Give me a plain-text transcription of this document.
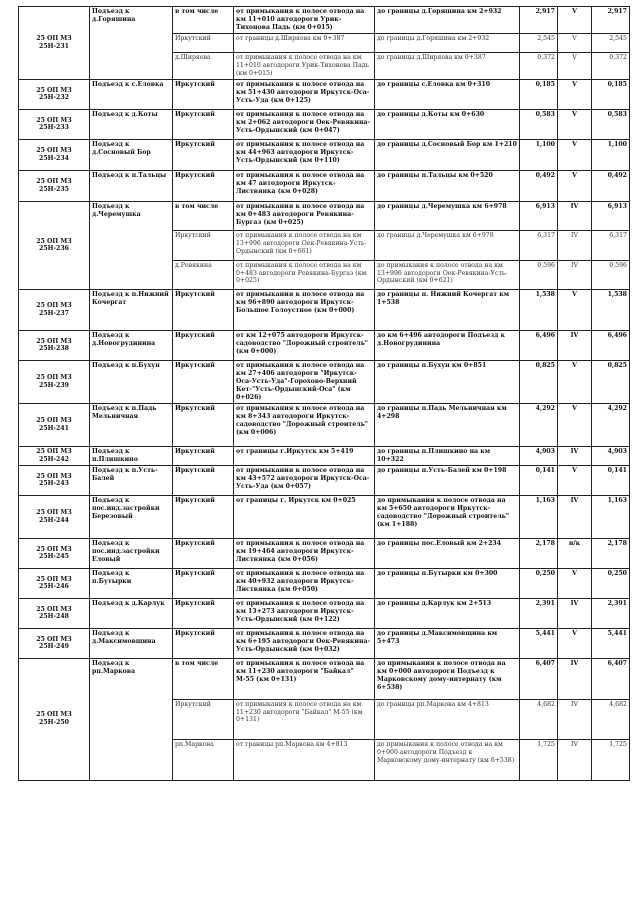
25 ОП МЗ 25Н-231	Подъезд к д.Горяшина	в том числе	от примыкания к полосе отвода на км 11+010 автодороги Урик-Тихонова Падь (км 0+015)	до границы д.Горяшина км 2+932	2,917	V	2,917
		Иркутский	от границы д.Ширяева км 0+387	до границы д.Горяшина км 2+932	2,545	V	2,545
		д.Ширяева	от примыкания к полосе отвода на км 11+010 автодороги Урик-Тихонова Падь (км 0+015)	до границы д.Ширяева км 0+387	0,372	V	0,372
25 ОП МЗ 25Н-232	Подъезд к с.Еловка	Иркутский	от примыкания к полосе отвода на км 51+430 автодороги Иркутск-Оса-Усть-Уда (км 0+125)	до границы с.Еловка км 0+310	0,185	V	0,185
25 ОП МЗ 25Н-233	Подъезд к д.Коты	Иркутский	от примыкания к полосе отвода на км 2+062 автодороги Оек-Ревякина-Усть-Ордынский (км 0+047)	до границы д.Коты км 0+630	0,583	V	0,583
25 ОП МЗ 25Н-234	Подъезд к д.Сосновый Бор	Иркутский	от примыкания к полосе отвода на км 44+963 автодороги Иркутск-Усть-Ордынский (км 0+110)	до границы д.Сосновый Бор км 1+210	1,100	V	1,100
25 ОП МЗ 25Н-235	Подъезд к п.Тальцы	Иркутский	от примыкания к полосе отвода на км 47 автодороги Иркутск-Листвянка (км 0+028)	до границы п.Тальцы км 0+520	0,492	V	0,492
25 ОП МЗ 25Н-236	Подъезд к д.Черемушка	в том числе	от примыкания к полосе отвода на км 0+483 автодороги Ревякина-Бургаз (км 0+025)	до границы д.Черемушка км 6+978	6,913	IV	6,913
		Иркутский	от примыкания к полосе отвода на км 13+996 автодороги Оек-Ревякина-Усть-Ордынский (км 0+661)	до границы д.Черемушка км 6+978	6,317	IV	6,317
		д.Ревякина	от примыкания к полосе отвода на км 0+483 автодороги Ревякина-Бургаз (км 0+025)	до примыкания к полосе отвода на км 13+996 автодороги Оек-Ревякина-Усть-Ордынский (км 0+621)	0,596	IV	0,596
25 ОП МЗ 25Н-237	Подъезд к п.Нижний Кочергат	Иркутский	от примыкания к полосе отвода на км 96+890 автодороги Иркутск-Большое Голоустное (км 0+000)	до границы п. Нижний Кочергат км 1+538	1,538	V	1,538
25 ОП МЗ 25Н-238	Подъезд к д.Новогрудинина	Иркутский	от км 12+075 автодороги Иркутск-садоводство "Дорожный строитель" (км 0+000)	до км 6+496 автодороги Подъезд к д.Новогрудинина	6,496	IV	6,496
25 ОП МЗ 25Н-239	Подъезд к п.Бухун	Иркутский	от примыкания к полосе отвода на км 27+406 автодороги "Иркутск-Оса-Усть-Уда"-Горохово-Верхний Кет-"Усть-Ордынский-Оса" (км 0+026)	до границы п.Бухун км 0+851	0,825	V	0,825
25 ОП МЗ 25Н-241	Подъезд к п.Падь Мельничная	Иркутский	от примыкания к полосе отвода на км 8+343 автодороги Иркутск-садоводство "Дорожный строитель" (км 0+006)	до границы п.Падь Мельничная км 4+298	4,292	V	4,292
25 ОП МЗ 25Н-242	Подъезд к п.Плишкино	Иркутский	от границы г.Иркутск км 5+419	до границы п.Плишкино на км 10+322	4,903	IV	4,903
25 ОП МЗ 25Н-243	Подъезд к п.Усть-Балей	Иркутский	от примыкания к полосе отвода на км 43+572 автодороги Иркутск-Оса-Усть-Уда (км 0+057)	до границы п.Усть-Балей км 0+198	0,141	V	0,141
25 ОП МЗ 25Н-244	Подъезд к пос.инд.застройки Березовый	Иркутский	от границы г. Иркутск км 0+025	до примыкания к полосе отвода на км 5+650 автодороги Иркутск-садоводство "Дорожный строитель" (км 1+188)	1,163	IV	1,163
25 ОП МЗ 25Н-245	Подъезд к пос.инд.застройки Еловый	Иркутский	от примыкания к полосе отвода на км 19+464 автодороги Иркутск-Листвянка (км 0+056)	до границы пос.Еловый км 2+234	2,178	н/к	2,178
25 ОП МЗ 25Н-246	Подъезд к п.Бутырки	Иркутский	от примыкания к полосе отвода на км 40+932 автодороги Иркутск-Листвянка (км 0+050)	до границы п.Бутырки км 0+300	0,250	V	0,250
25 ОП МЗ 25Н-248	Подъезд к д.Карлук	Иркутский	от примыкания к полосе отвода на км 13+273 автодороги Иркутск-Усть-Ордынский (км 0+122)	до границы д.Карлук км 2+513	2,391	IV	2,391
25 ОП МЗ 25Н-249	Подъезд к д.Максимовщина	Иркутский	от примыкания к полосе отвода на км 6+195 автодороги Оек-Ревякина-Усть-Ордынский (км 0+032)	до границы д.Максимовщина км 5+473	5,441	V	5,441
25 ОП МЗ 25Н-250	Подъезд к рп.Маркова	в том числе	от примыкания к полосе отвода на км 11+230 автодороги "Байкал" М-55 (км 0+131)	до примыкания к полосе отвода на км 0+000 автодороги Подъезд к Марковскому дому-интернату (км 6+538)	6,407	IV	6,407
		Иркутский	от примыкания к полосе отвода на км 11+230 автодороги "Байкал" М-55 (км 0+131)	до границы рп.Маркова км 4+813	4,682	IV	4,682
		рп.Маркова	от границы рп.Маркова км 4+813	до примыкания к полосе отвода на км 0+000 автодороги Подъезд к Марковскому дому-интернату (км 6+538)	1,725	IV	1,725
